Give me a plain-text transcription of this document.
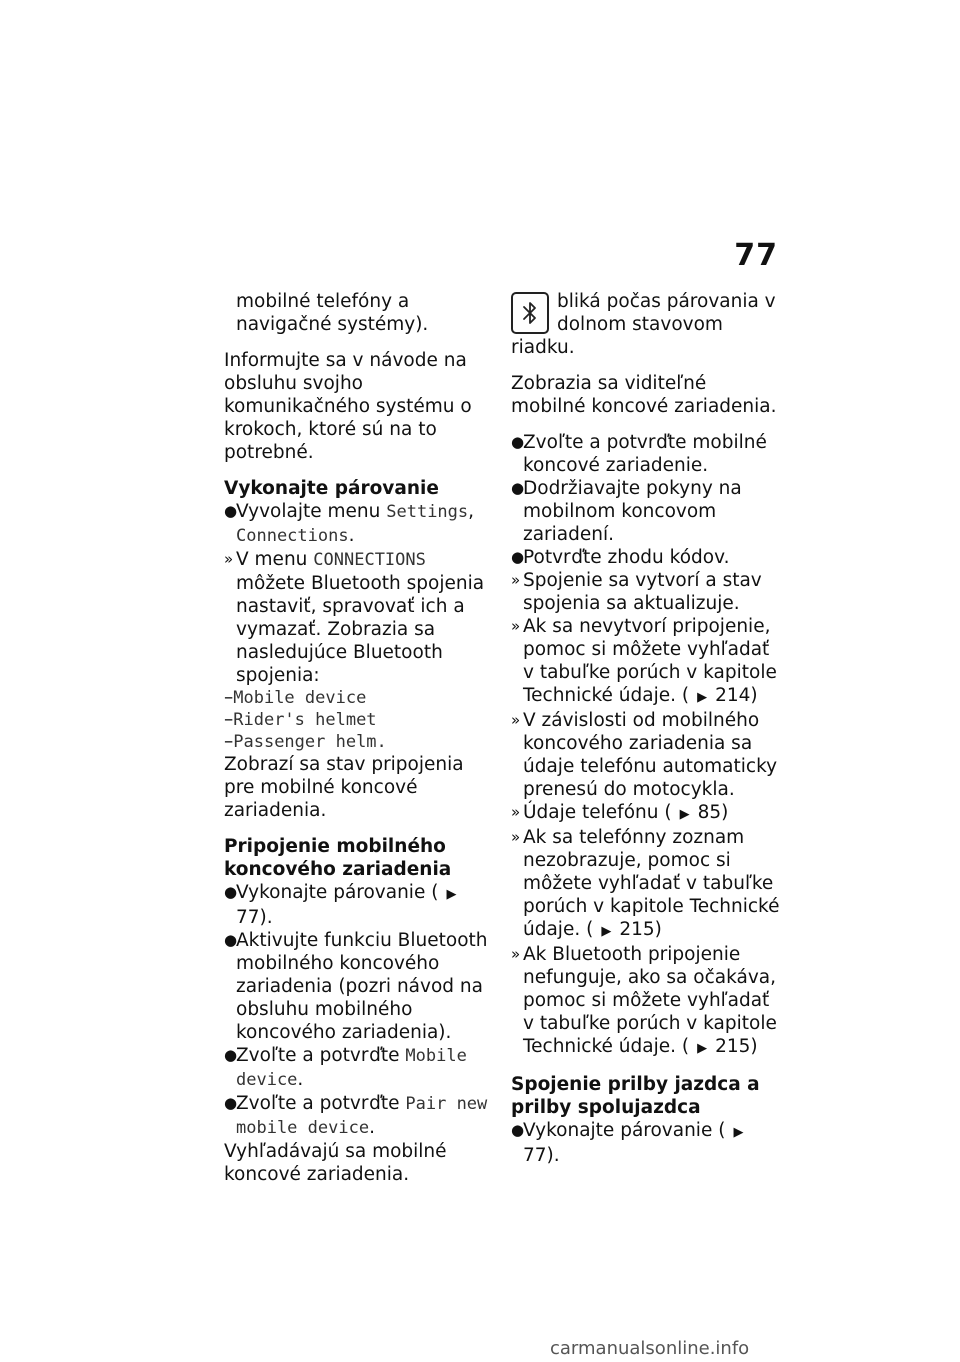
77

mobilné telefóny a navigačné systémy).

Informujte sa v návode na obsluhu svojho komunikačného systému o krokoch, ktoré sú na to potrebné.

Vykonajte párovanie

●
Vyvolajte menu Settings, Connections.
» V menu CONNECTIONS môžete Bluetooth spojenia nastaviť, spravovať ich a vymazať. Zobrazia sa nasledujúce Bluetooth spojenia:
–Mobile device
–Rider's helmet
–Passenger helm.

Zobrazí sa stav pripojenia pre mobilné koncové zariadenia.

Pripojenie mobilného koncového zariadenia

●
Vykonajte párovanie ( ▶77).
●
Aktivujte funkciu Bluetooth mobilného koncového zariadenia (pozri návod na obsluhu mobilného koncového zariadenia).
●
Zvoľte a potvrďte Mobile device.
●
Zvoľte a potvrďte Pair new mobile device.

Vyhľadávajú sa mobilné koncové zariadenia.

bliká počas párovania v dolnom stavovom riadku.

Zobrazia sa viditeľné mobilné koncové zariadenia.

●
Zvoľte a potvrďte mobilné koncové zariadenie.
●
Dodržiavajte pokyny na mobilnom koncovom zariadení.
●
Potvrďte zhodu kódov.
» Spojenie sa vytvorí a stav spojenia sa aktualizuje.
» Ak sa nevytvorí pripojenie, pomoc si môžete vyhľadať v tabuľke porúch v kapitole Technické údaje. ( ▶ 214)
» V závislosti od mobilného koncového zariadenia sa údaje telefónu automaticky prenesú do motocykla.
» Údaje telefónu ( ▶ 85)
» Ak sa telefónny zoznam nezobrazuje, pomoc si môžete vyhľadať v tabuľke porúch v kapitole Technické údaje. ( ▶ 215)
» Ak Bluetooth pripojenie nefunguje, ako sa očakáva, pomoc si môžete vyhľadať v tabuľke porúch v kapitole Technické údaje. ( ▶ 215)

Spojenie prilby jazdca a prilby spolujazdca

●
Vykonajte párovanie ( ▶77).
carmanualsonline.info
